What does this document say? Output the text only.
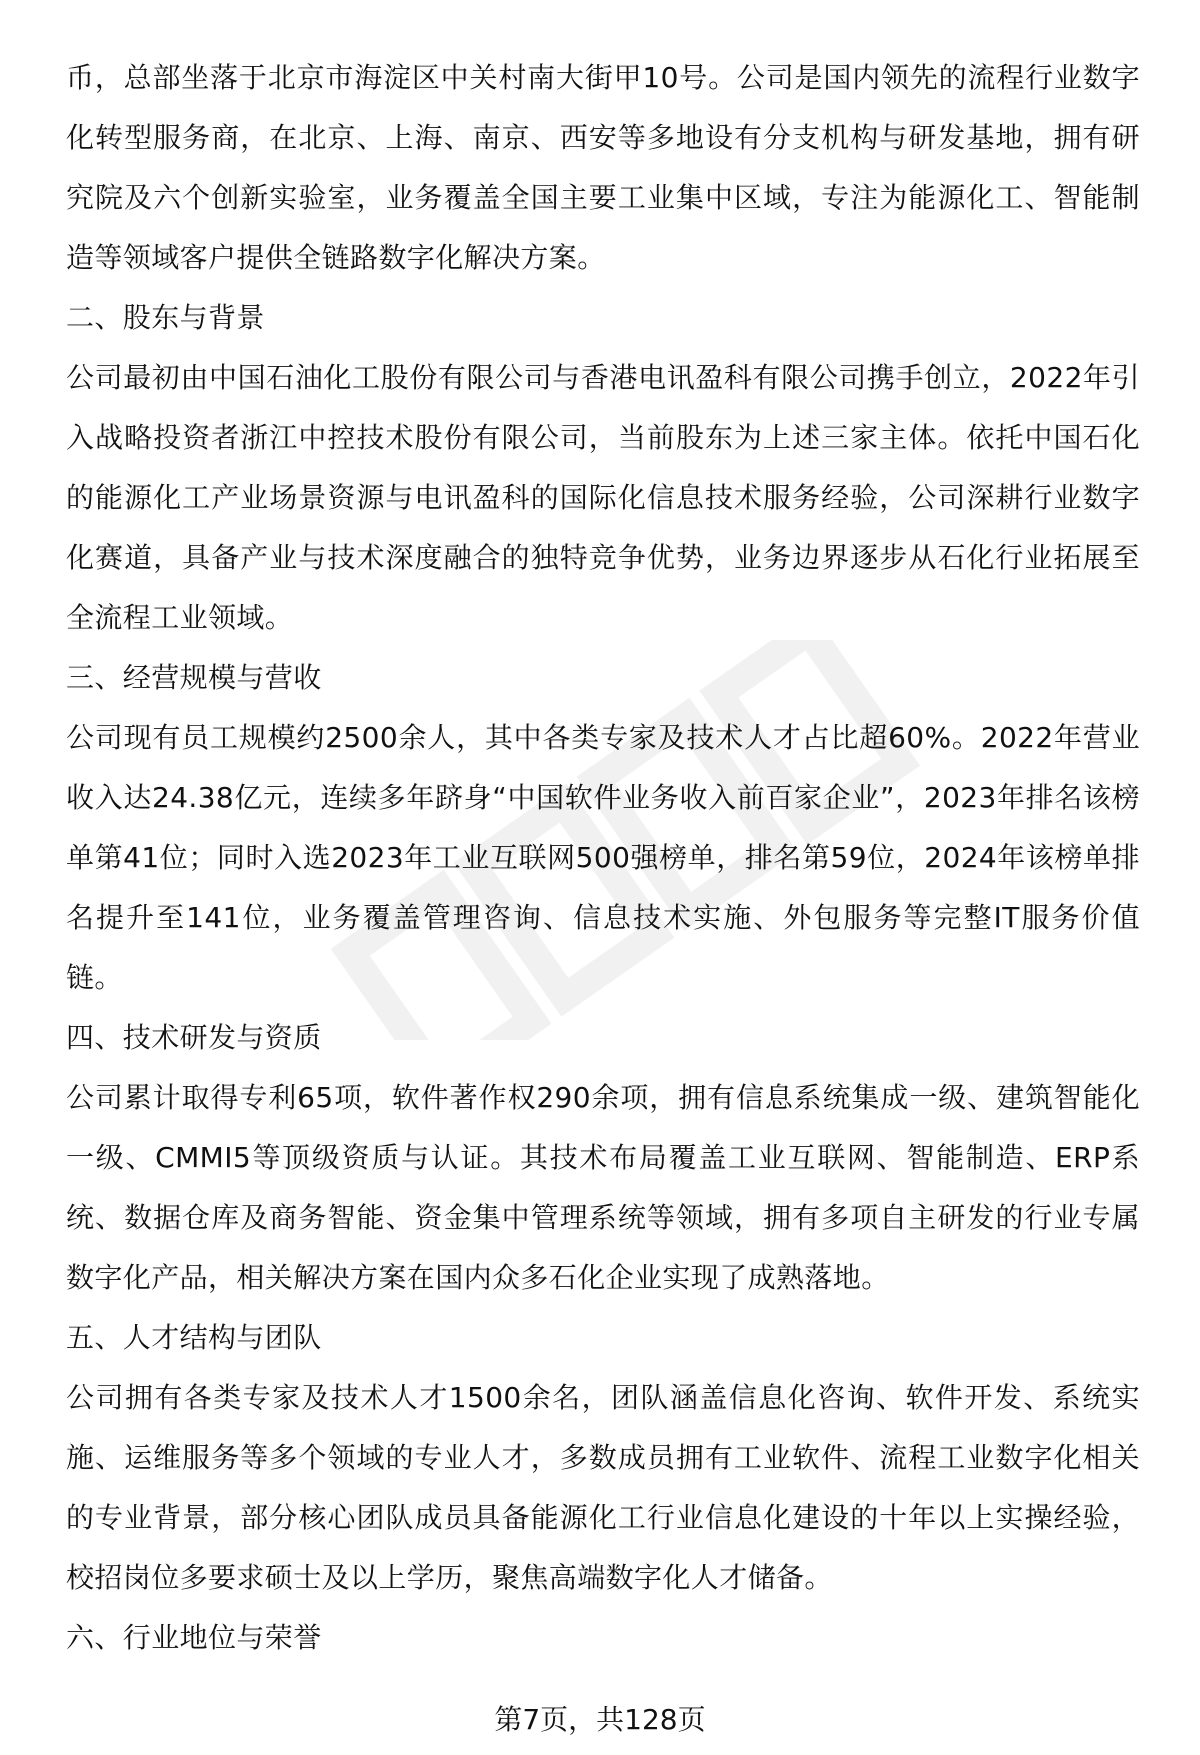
币，总部坐落于北京市海淀区中关村南大街甲10号。公司是国内领先的流程行业数字化转型服务商，在北京、上海、南京、西安等多地设有分支机构与研发基地，拥有研究院及六个创新实验室，业务覆盖全国主要工业集中区域，专注为能源化工、智能制造等领域客户提供全链路数字化解决方案。

二、股东与背景

公司最初由中国石油化工股份有限公司与香港电讯盈科有限公司携手创立，2022年引入战略投资者浙江中控技术股份有限公司，当前股东为上述三家主体。依托中国石化的能源化工产业场景资源与电讯盈科的国际化信息技术服务经验，公司深耕行业数字化赛道，具备产业与技术深度融合的独特竞争优势，业务边界逐步从石化行业拓展至全流程工业领域。

三、经营规模与营收

公司现有员工规模约2500余人，其中各类专家及技术人才占比超60%。2022年营业收入达24.38亿元，连续多年跻身“中国软件业务收入前百家企业”，2023年排名该榜单第41位；同时入选2023年工业互联网500强榜单，排名第59位，2024年该榜单排名提升至141位，业务覆盖管理咨询、信息技术实施、外包服务等完整IT服务价值链。

四、技术研发与资质

公司累计取得专利65项，软件著作权290余项，拥有信息系统集成一级、建筑智能化一级、CMMI5等顶级资质与认证。其技术布局覆盖工业互联网、智能制造、ERP系统、数据仓库及商务智能、资金集中管理系统等领域，拥有多项自主研发的行业专属数字化产品，相关解决方案在国内众多石化企业实现了成熟落地。

五、人才结构与团队

公司拥有各类专家及技术人才1500余名，团队涵盖信息化咨询、软件开发、系统实施、运维服务等多个领域的专业人才，多数成员拥有工业软件、流程工业数字化相关的专业背景，部分核心团队成员具备能源化工行业信息化建设的十年以上实操经验，校招岗位多要求硕士及以上学历，聚焦高端数字化人才储备。

六、行业地位与荣誉

第7页，共128页
